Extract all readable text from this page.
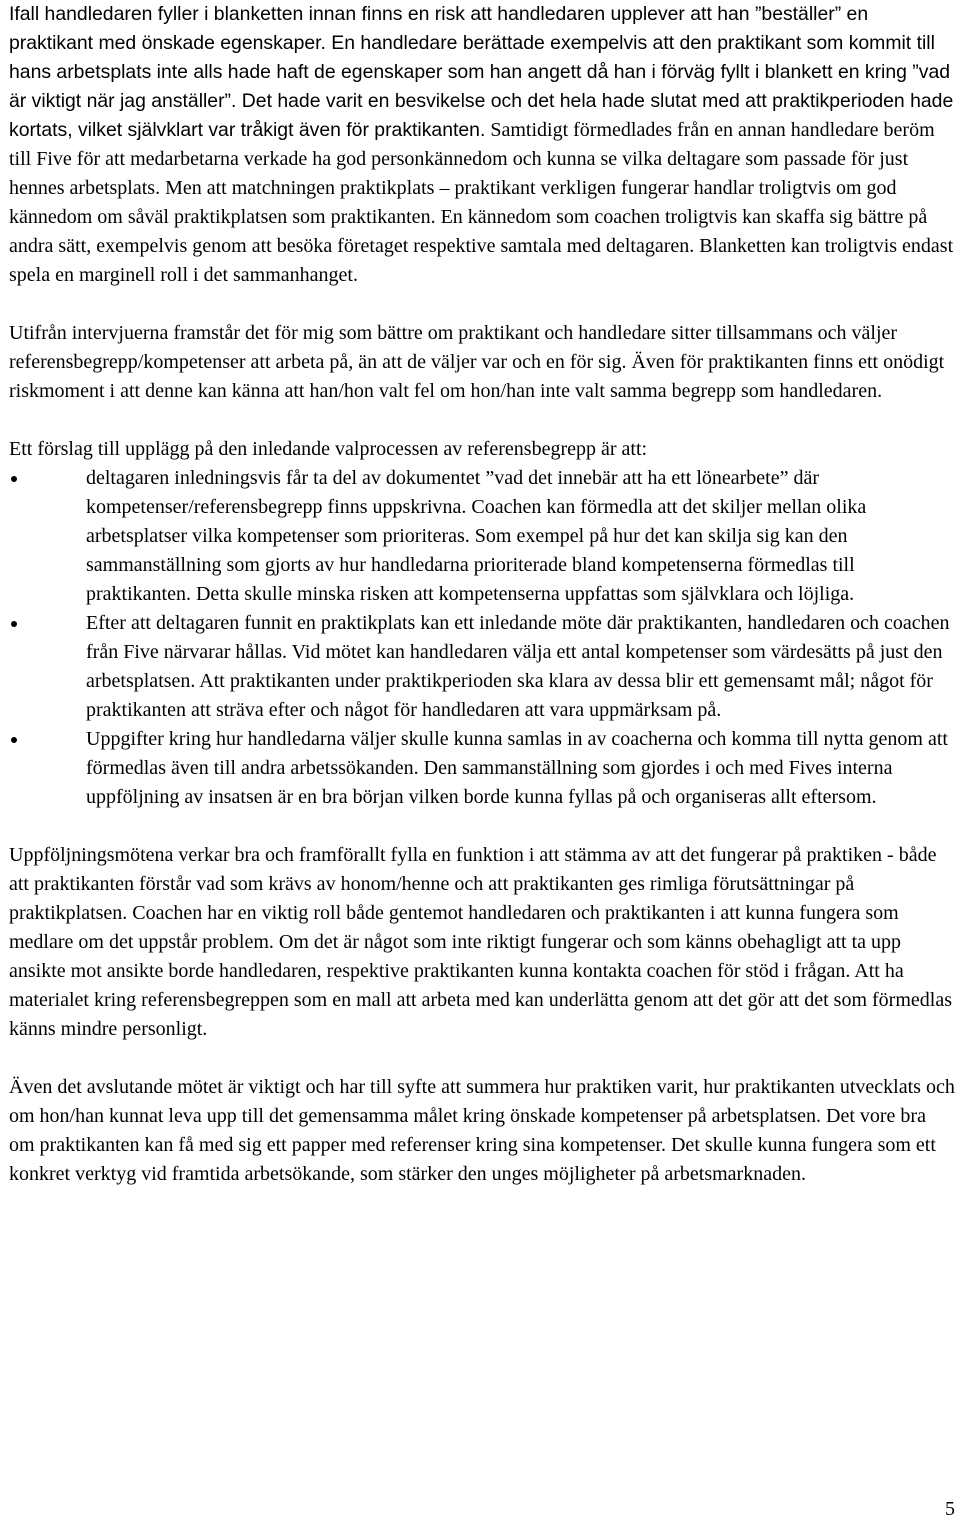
Ifall handledaren fyller i blanketten innan finns en risk att handledaren upplever att han ”beställer” en praktikant med önskade egenskaper. En handledare berättade exempelvis att den praktikant som kommit till hans arbetsplats inte alls hade haft de egenskaper som han angett då han i förväg fyllt i blankett en kring ”vad är viktigt när jag anställer”. Det hade varit en besvikelse och det hela hade slutat med att praktikperioden hade kortats, vilket självklart var tråkigt även för praktikanten. Samtidigt förmedlades från en annan handledare beröm till Five för att medarbetarna verkade ha god personkännedom och kunna se vilka deltagare som passade för just hennes arbetsplats. Men att matchningen praktikplats – praktikant verkligen fungerar handlar troligtvis om god kännedom om såväl praktikplatsen som praktikanten. En kännedom som coachen troligtvis kan skaffa sig bättre på andra sätt, exempelvis genom att besöka företaget respektive samtala med deltagaren. Blanketten kan troligtvis endast spela en marginell roll i det sammanhanget.

Utifrån intervjuerna framstår det för mig som bättre om praktikant och handledare sitter tillsammans och väljer referensbegrepp/kompetenser att arbeta på, än att de väljer var och en för sig. Även för praktikanten finns ett onödigt riskmoment i att denne kan känna att han/hon valt fel om hon/han inte valt samma begrepp som handledaren.

Ett förslag till upplägg på den inledande valprocessen av referensbegrepp är att:

deltagaren inledningsvis får ta del av dokumentet ”vad det innebär att ha ett lönearbete” där kompetenser/referensbegrepp finns uppskrivna. Coachen kan förmedla att det skiljer mellan olika arbetsplatser vilka kompetenser som prioriteras. Som exempel på hur det kan skilja sig kan den sammanställning som gjorts av hur handledarna prioriterade bland kompetenserna förmedlas till praktikanten. Detta skulle minska risken att kompetenserna uppfattas som självklara och löjliga.
Efter att deltagaren funnit en praktikplats kan ett inledande möte där praktikanten, handledaren och coachen från Five närvarar hållas. Vid mötet kan handledaren välja ett antal kompetenser som värdesätts på just den arbetsplatsen. Att praktikanten under praktikperioden ska klara av dessa blir ett gemensamt mål; något för praktikanten att sträva efter och något för handledaren att vara uppmärksam på.
Uppgifter kring hur handledarna väljer skulle kunna samlas in av coacherna och komma till nytta genom att förmedlas även till andra arbetssökanden. Den sammanställning som gjordes i och med Fives interna uppföljning av insatsen är en bra början vilken borde kunna fyllas på och organiseras allt eftersom.

Uppföljningsmötena verkar bra och framförallt fylla en funktion i att stämma av att det fungerar på praktiken - både att praktikanten förstår vad som krävs av honom/henne och att praktikanten ges rimliga förutsättningar på praktikplatsen. Coachen har en viktig roll både gentemot handledaren och praktikanten i att kunna fungera som medlare om det uppstår problem. Om det är något som inte riktigt fungerar och som känns obehagligt att ta upp ansikte mot ansikte borde handledaren, respektive praktikanten kunna kontakta coachen för stöd i frågan. Att ha materialet kring referensbegreppen som en mall att arbeta med kan underlätta genom att det gör att det som förmedlas känns mindre personligt.

Även det avslutande mötet är viktigt och har till syfte att summera hur praktiken varit, hur praktikanten utvecklats och om hon/han kunnat leva upp till det gemensamma målet kring önskade kompetenser på arbetsplatsen. Det vore bra om praktikanten kan få med sig ett papper med referenser kring sina kompetenser. Det skulle kunna fungera som ett konkret verktyg vid framtida arbetsökande, som stärker den unges möjligheter på arbetsmarknaden.

5
